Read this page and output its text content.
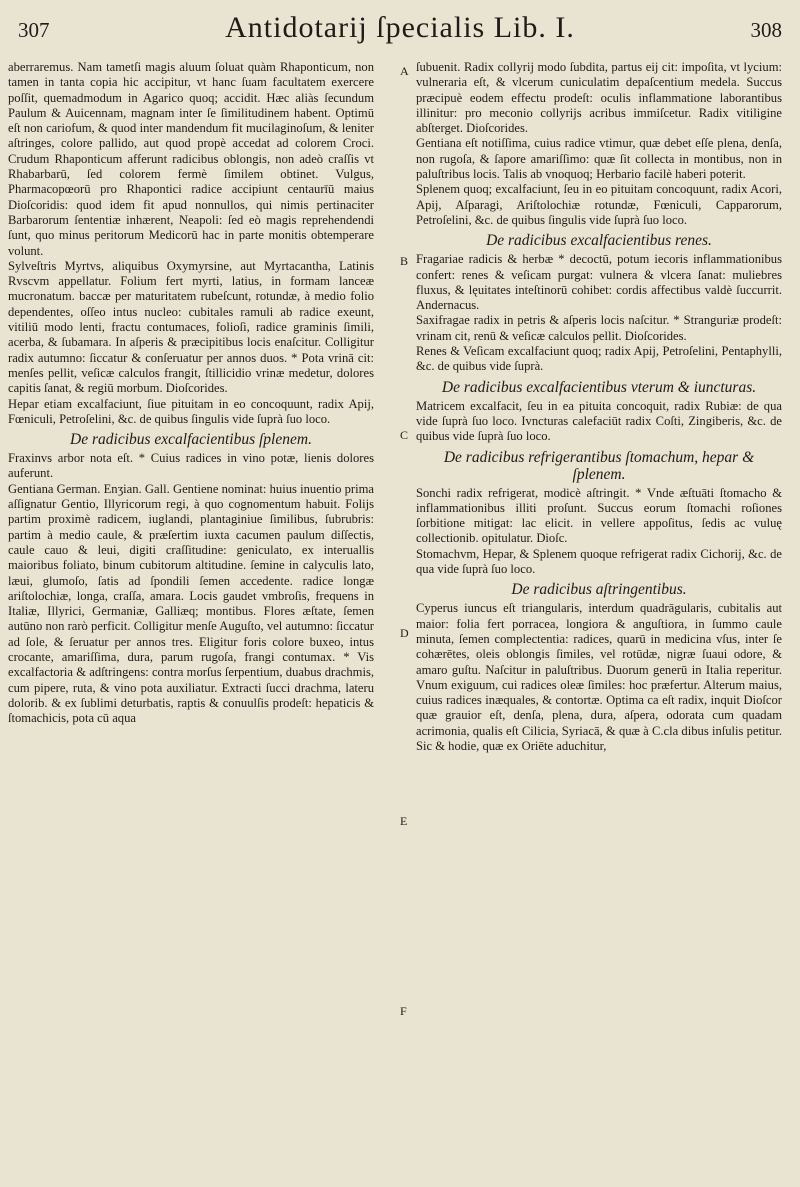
307	Antidotarij ſpecialis Lib. I.	308

aberraremus. Nam tametſi magis aluum ſoluat quàm Rhaponticum, non tamen in tanta copia hic accipitur, vt hanc ſuam facultatem exercere poſſit, quemadmodum in Agarico quoq; accidit. Hæc aliàs ſecundum Paulum & Auicennam, magnam inter ſe ſimilitudinem habent. Optimū eſt non cariofum, & quod inter mandendum fit mucilaginoſum, & leniter aſtringes, colore pallido, aut quod propè accedat ad colorem Croci. Crudum Rhaponticum afferunt radicibus oblongis, non adeò craſſis vt Rhabarbarū, ſed colorem fermè ſimilem obtinet. Vulgus, Pharmacopœorū pro Rhapontici radice accipiunt centaurīū maius Dioſcoridis: quod idem fit apud nonnullos, qui nimis pertinaciter Barbarorum ſententiæ inhærent, Neapoli: ſed eò magis reprehendendi ſunt, quo minus peritorum Medicorū hac in parte monitis obtemperare volunt.

Sylveſtris Myrtvs, aliquibus Oxymyrsine, aut Myrtacantha, Latinis Rvscvm appellatur. Folium fert myrti, latius, in formam lanceæ mucronatum. baccæ per maturitatem rubeſcunt, rotundæ, à medio folio dependentes, oſſeo intus nucleo: cubitales ramuli ab radice exeunt, vitiliū modo lenti, fractu contumaces, folioſi, radice graminis ſimili, acerba, & ſubamara. In aſperis & præcipitibus locis enaſcitur. Colligitur radix autumno: ſiccatur & conſeruatur per annos duos. * Pota vrinā cit: menſes pellit, veſicæ calculos frangit, ſtillicidio vrinæ medetur, dolores capitis ſanat, & regiū morbum. Dioſcorides.

Hepar etiam excalfaciunt, ſiue pituitam in eo concoquunt, radix Apij, Fœniculi, Petroſelini, &c. de quibus ſingulis vide ſuprà ſuo loco.

De radicibus excalfacientibus ſplenem.

Fraxinvs arbor nota eſt. * Cuius radices in vino potæ, lienis dolores auferunt.

Gentiana German. Enʒian. Gall. Gentiene nominat: huius inuentio prima aſſignatur Gentio, Illyricorum regi, à quo cognomentum habuit. Folijs partim proximè radicem, iuglandi, plantaginiue ſimilibus, ſubrubris: partim à medio caule, & præſertim iuxta cacumen paulum diſſectis, caule cauo & leui, digiti craſſitudine: geniculato, ex interuallis maioribus foliato, binum cubitorum altitudine. ſemine in calyculis lato, læui, glumoſo, ſatis ad ſpondili ſemen accedente. radice longæ ariſtolochiæ, longa, craſſa, amara. Locis gaudet vmbroſis, frequens in Italiæ, Illyrici, Germaniæ, Galliæq; montibus. Flores æſtate, ſemen autūno non rarò perficit. Colligitur menſe Auguſto, vel autumno: ſiccatur ad ſole, & ſeruatur per annos tres. Eligitur foris colore buxeo, intus crocante, amariſſima, dura, parum rugoſa, frangi contumax. * Vis excalfactoria & adſtringens: contra morſus ſerpentium, duabus drachmis, cum pipere, ruta, & vino pota auxiliatur. Extracti ſucci drachma, lateru dolorib. & ex ſublimi deturbatis, raptis & conuulſis prodeſt: hepaticis & ſtomachicis, pota cū aqua

ſubuenit. Radix collyrij modo ſubdita, partus eij cit: impoſita, vt lycium: vulneraria eſt, & vlcerum cuniculatim depaſcentium medela. Succus præcipuè eodem effectu prodeſt: oculis inflammatione laborantibus illinitur: pro meconio collyrijs acribus immiſcetur. Radix vitiligine abſterget. Dioſcorides.

Gentiana eſt notiſſima, cuius radice vtimur, quæ debet eſſe plena, denſa, non rugoſa, & ſapore amariſſimo: quæ ſit collecta in montibus, non in paluſtribus locis. Talis ab vnoquoq; Herbario facilè haberi poterit.

Splenem quoq; excalfaciunt, ſeu in eo pituitam concoquunt, radix Acori, Apij, Aſparagi, Ariſtolochiæ rotundæ, Fœniculi, Capparorum, Petroſelini, &c. de quibus ſingulis vide ſuprà ſuo loco.

De radicibus excalfacientibus renes.

Fragariae radicis & herbæ * decoctū, potum iecoris inflammationibus confert: renes & veſicam purgat: vulnera & vlcera ſanat: muliebres fluxus, & lęuitates inteſtinorū cohibet: cordis affectibus valdè ſuccurrit. Andernacus.

Saxifragae radix in petris & aſperis locis naſcitur. * Stranguriæ prodeſt: vrinam cit, renū & veſicæ calculos pellit. Dioſcorides.

Renes & Veſicam excalfaciunt quoq; radix Apij, Petroſelini, Pentaphylli, &c. de quibus vide ſuprà.

De radicibus excalfacientibus vterum & iuncturas.

Matricem excalfacit, ſeu in ea pituita concoquit, radix Rubiæ: de qua vide ſuprà ſuo loco. Ivncturas calefaciūt radix Coſti, Zingiberis, &c. de quibus vide ſuprà ſuo loco.

De radicibus refrigerantibus ſtomachum, hepar & ſplenem.

Sonchi radix refrigerat, modicè aſtringit. * Vnde æſtuāti ſtomacho & inflammationibus illiti proſunt. Succus eorum ſtomachi roſiones ſorbitione mitigat: lac elicit. in vellere appoſitus, ſedis ac vuluę collectionib. opitulatur. Dioſc.

Stomachvm, Hepar, & Splenem quoque refrigerat radix Cichorij, &c. de qua vide ſuprà ſuo loco.

De radicibus aſtringentibus.

Cyperus iuncus eſt triangularis, interdum quadrāgularis, cubitalis aut maior: folia fert porracea, longiora & anguſtiora, in ſummo caule minuta, ſemen complectentia: radices, quarū in medicina vſus, inter ſe cohærētes, oleis oblongis ſimiles, vel rotūdæ, nigræ ſuaui odore, & amaro guſtu. Naſcitur in paluſtribus. Duorum generū in Italia reperitur. Vnum exiguum, cui radices oleæ ſimiles: hoc præfertur. Alterum maius, cuius radices inæquales, & contortæ. Optima ca eſt radix, inquit Dioſcor quæ grauior eſt, denſa, plena, dura, aſpera, odorata cum quadam acrimonia, qualis eſt Cilicia, Syriacā, & quæ à C.cla dibus inſulis petitur. Sic & hodie, quæ ex Oriēte aduchitur,

A
B
C
D
E
F
